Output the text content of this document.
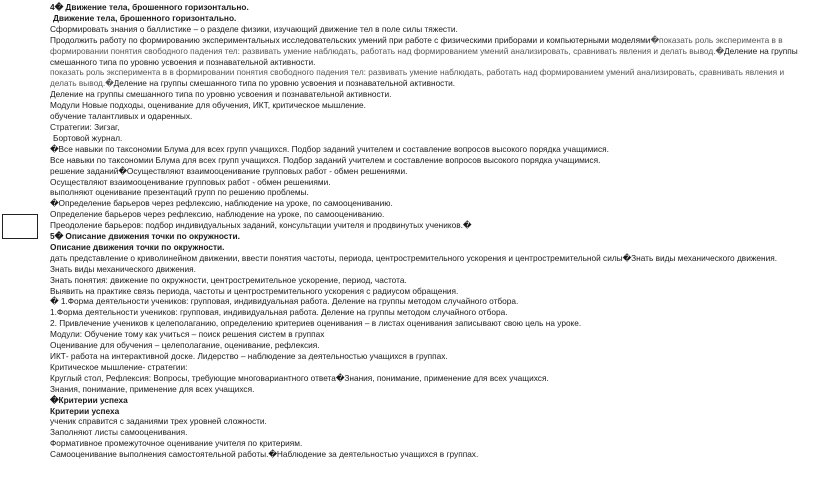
4� Движение тела, брошенного горизонтально.
Движение тела, брошенного горизонтально.
Сформировать знания о баллистике – о разделе физики, изучающий движение тел в поле силы тяжести.
Продолжить работу по формированию экспериментальных исследовательских умений при работе с физическими приборами и компьютерными моделями�показать роль эксперимента в в формировании понятия свободного падения тел: развивать умение наблюдать, работать над формированием умений анализировать, сравнивать явления и делать вывод.�Деление на группы смешанного типа по уровню усвоения и познавательной активности.
показать роль эксперимента в в формировании понятия свободного падения тел: развивать умение наблюдать, работать над формированием умений анализировать, сравнивать явления и делать вывод.�Деление на группы смешанного типа по уровню усвоения и познавательной активности.
Деление на группы смешанного типа по уровню усвоения и познавательной активности.
Модули Новые подходы, оценивание для обучения, ИКТ, критическое мышление.
обучение талантливых и одаренных.
Стратегии: Зигзаг,
Бортовой журнал.
�Все навыки по таксономии Блума для всех групп учащихся. Подбор заданий учителем и составление вопросов высокого порядка учащимися.
Все навыки по таксономии Блума для всех групп учащихся. Подбор заданий учителем и составление вопросов высокого порядка учащимися.
решение заданий�Осуществляют взаимооценивание групповых работ - обмен решениями.
Осуществляют взаимооценивание групповых работ - обмен решениями.
выполняют оценивание презентаций групп по решению проблемы.
�Определение барьеров через рефлексию, наблюдение на уроке, по самооцениванию.
Определение барьеров через рефлексию, наблюдение на уроке, по самооцениванию.
Преодоление барьеров: подбор индивидуальных заданий, консультации учителя и продвинутых учеников.�
5� Описание движения точки по окружности.
Описание движения точки по окружности.
дать представление о криволинейном движении, ввести понятия частоты, периода, центростремительного ускорения и центростремительной силы�Знать виды механического движения.
Знать виды механического движения.
Знать понятия: движение по окружности, центростремительное ускорение, период, частота.
Выявить на практике связь периода, частоты и центростремительного ускорения с радиусом обращения.
� 1.Форма деятельности учеников: групповая, индивидуальная работа. Деление на группы методом случайного отбора.
1.Форма деятельности учеников: групповая, индивидуальная работа. Деление на группы методом случайного отбора.
2. Привлечение учеников к целеполаганию, определению критериев оценивания – в листах оценивания записывают свою цель на уроке.
Модули: Обучение тому как учиться – поиск решения систем в группах
Оценивание для обучения – целеполагание, оценивание, рефлексия.
ИКТ- работа на интерактивной доске. Лидерство – наблюдение за деятельностью учащихся в группах.
Критическое мышление- стратегии:
Круглый стол, Рефлексия: Вопросы, требующие многовариантного ответа�Знания, понимание, применение для всех учащихся.
Знания, понимание, применение для всех учащихся.
�Критерии успеха
Критерии успеха
ученик справится с заданиями трех уровней сложности.
Заполняют листы самооценивания.
Формативное промежуточное оценивание учителя по критериям.
Самооценивание выполнения самостоятельной работы.�Наблюдение за деятельностью учащихся в группах.
